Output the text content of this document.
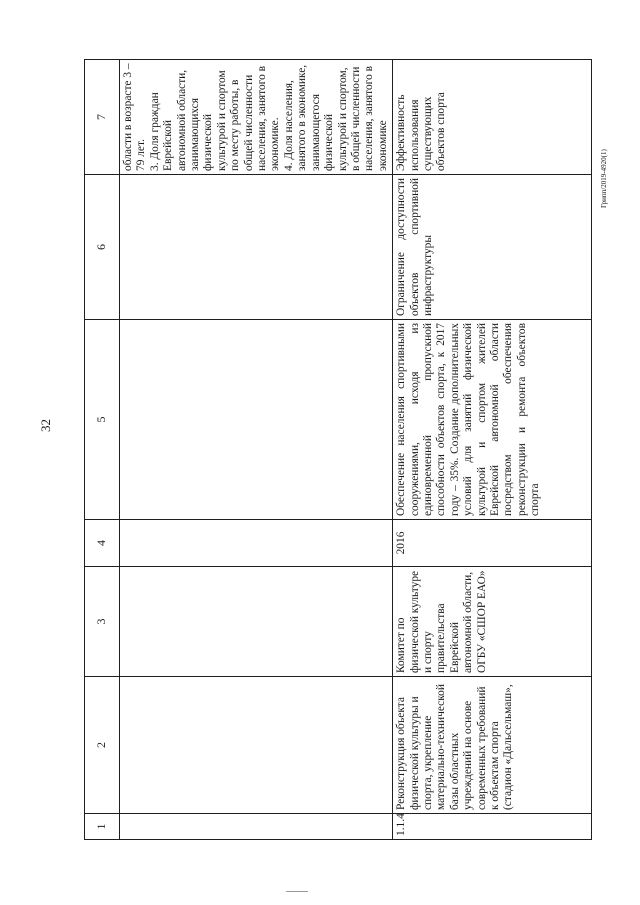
32
1	2	3	4	5	6	7

						области в возрасте 3 – 79 лет.
3. Доля граждан Еврейской автономной области, занимающихся физической культурой и спортом по месту работы, в общей численности населения, занятого в экономике.
4. Доля населения, занятого в экономике, занимающегося физической культурой и спортом, в общей численности населения, занятого в экономике

1.1.4	Реконструкция объекта физической культуры и спорта, укрепление материально-технической базы областных учреждений на основе современных требований к объектам спорта (стадион «Дальсельмаш»,	Комитет по физической культуре и спорту правительства Еврейской автономной области, ОГБУ «СШОР ЕАО»	2016	Обеспечение населения спортивными сооружениями, исходя из единовременной пропускной способности объектов спорта, к 2017 году – 35%. Создание дополнительных условий для занятий физической культурой и спортом жителей Еврейской автономной области посредством обеспечения реконструкции и ремонта объектов спорта	Ограничение доступности объектов спортивной инфраструктуры	Эффективность использования существующих объектов спорта
Грипп/2019-4920(1)
